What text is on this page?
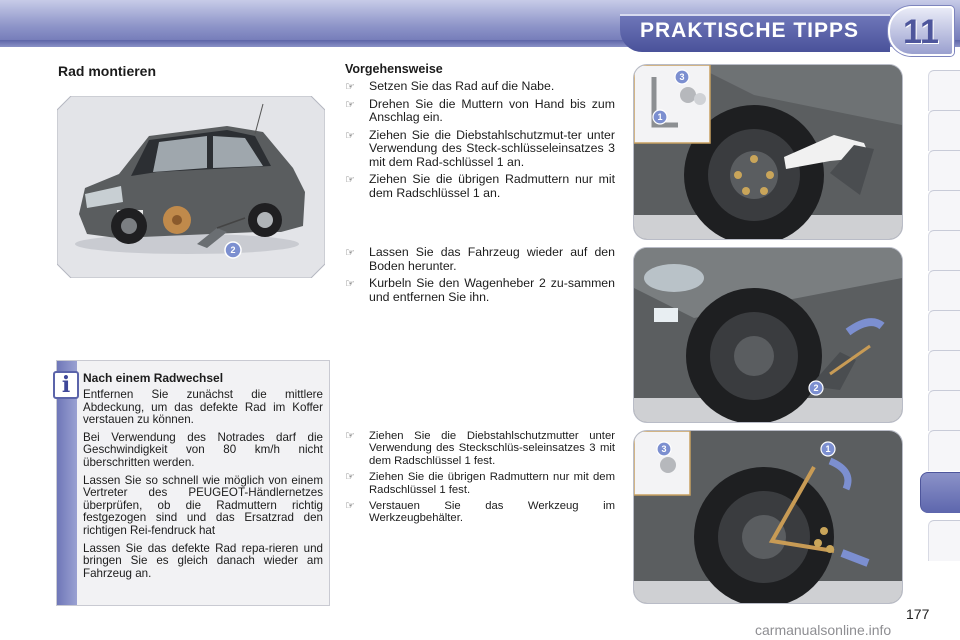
PRAKTISCHE TIPPS	11
Rad montieren
2
Vorgehensweise
☞ Setzen Sie das Rad auf die Nabe.
☞ Drehen Sie die Muttern von Hand bis zum Anschlag ein.
☞ Ziehen Sie die Diebstahlschutzmut-ter unter Verwendung des Steck-schlüsseleinsatzes 3 mit dem Rad-schlüssel 1 an.
☞ Ziehen Sie die übrigen Radmuttern nur mit dem Radschlüssel 1 an.
☞ Lassen Sie das Fahrzeug wieder auf den Boden herunter.
☞ Kurbeln Sie den Wagenheber 2 zu-sammen und entfernen Sie ihn.
☞ Ziehen Sie die Diebstahlschutzmutter unter Verwendung des Steckschlüs-seleinsatzes 3 mit dem Radschlüssel 1 fest.
☞ Ziehen Sie die übrigen Radmuttern nur mit dem Radschlüssel 1 fest.
☞ Verstauen Sie das Werkzeug im Werkzeugbehälter.
3
1
2
3	1
i	Nach einem Radwechsel

Entfernen Sie zunächst die mittlere Abdeckung, um das defekte Rad im Koffer verstauen zu können.

Bei Verwendung des Notrades darf die Geschwindigkeit von 80 km/h nicht überschritten werden.

Lassen Sie so schnell wie möglich von einem Vertreter des PEUGEOT-Händlernetzes überprüfen, ob die Radmuttern richtig festgezogen sind und das Ersatzrad den richtigen Rei-fendruck hat

Lassen Sie das defekte Rad repa-rieren und bringen Sie es gleich danach wieder am Fahrzeug an.

177
carmanualsonline.info
